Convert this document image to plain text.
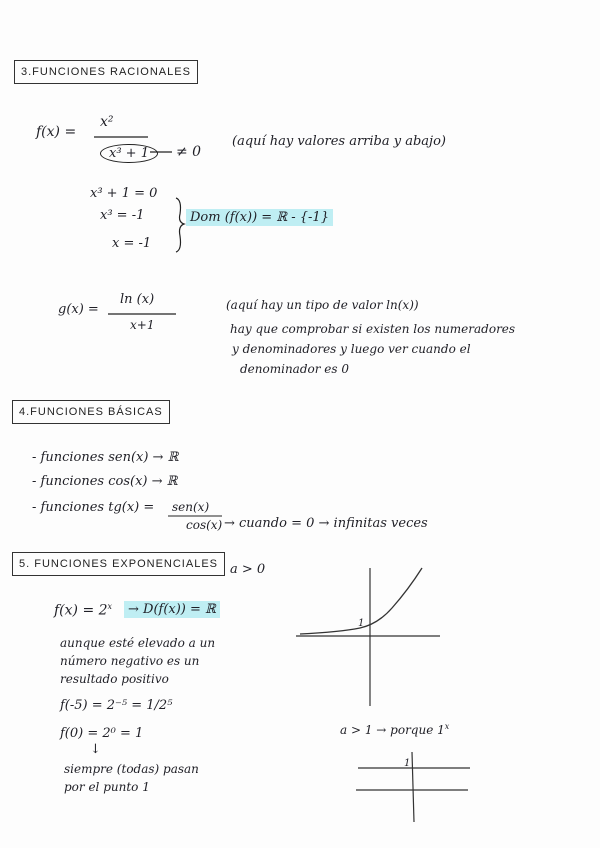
3.FUNCIONES RACIONALES
f(x) =
x²
x³ + 1	≠ 0
(aquí hay valores arriba y abajo)
x³ + 1 = 0
x³ = -1
x = -1
Dom (f(x)) = ℝ - {-1}
g(x) =
ln (x)
x+1
(aquí hay un tipo de valor ln(x))
hay que comprobar si existen los numeradores
y denominadores y luego ver cuando el
denominador es 0
4.FUNCIONES BÁSICAS
- funciones sen(x) → ℝ
- funciones cos(x) → ℝ
- funciones tg(x) = sen(x)
cos(x) → cuando = 0 → infinitas veces
5. FUNCIONES EXPONENCIALES a > 0
$f(x) = 2^x$	→ D(f(x)) = ℝ
aunque esté elevado a un
número negativo es un
resultado positivo
f(-5) = 2⁻⁵ = 1/2⁵
f(0) = 2⁰ = 1
↓
siempre (todas) pasan
por el punto 1
a > 1 → porque 1$^x$
1
1
